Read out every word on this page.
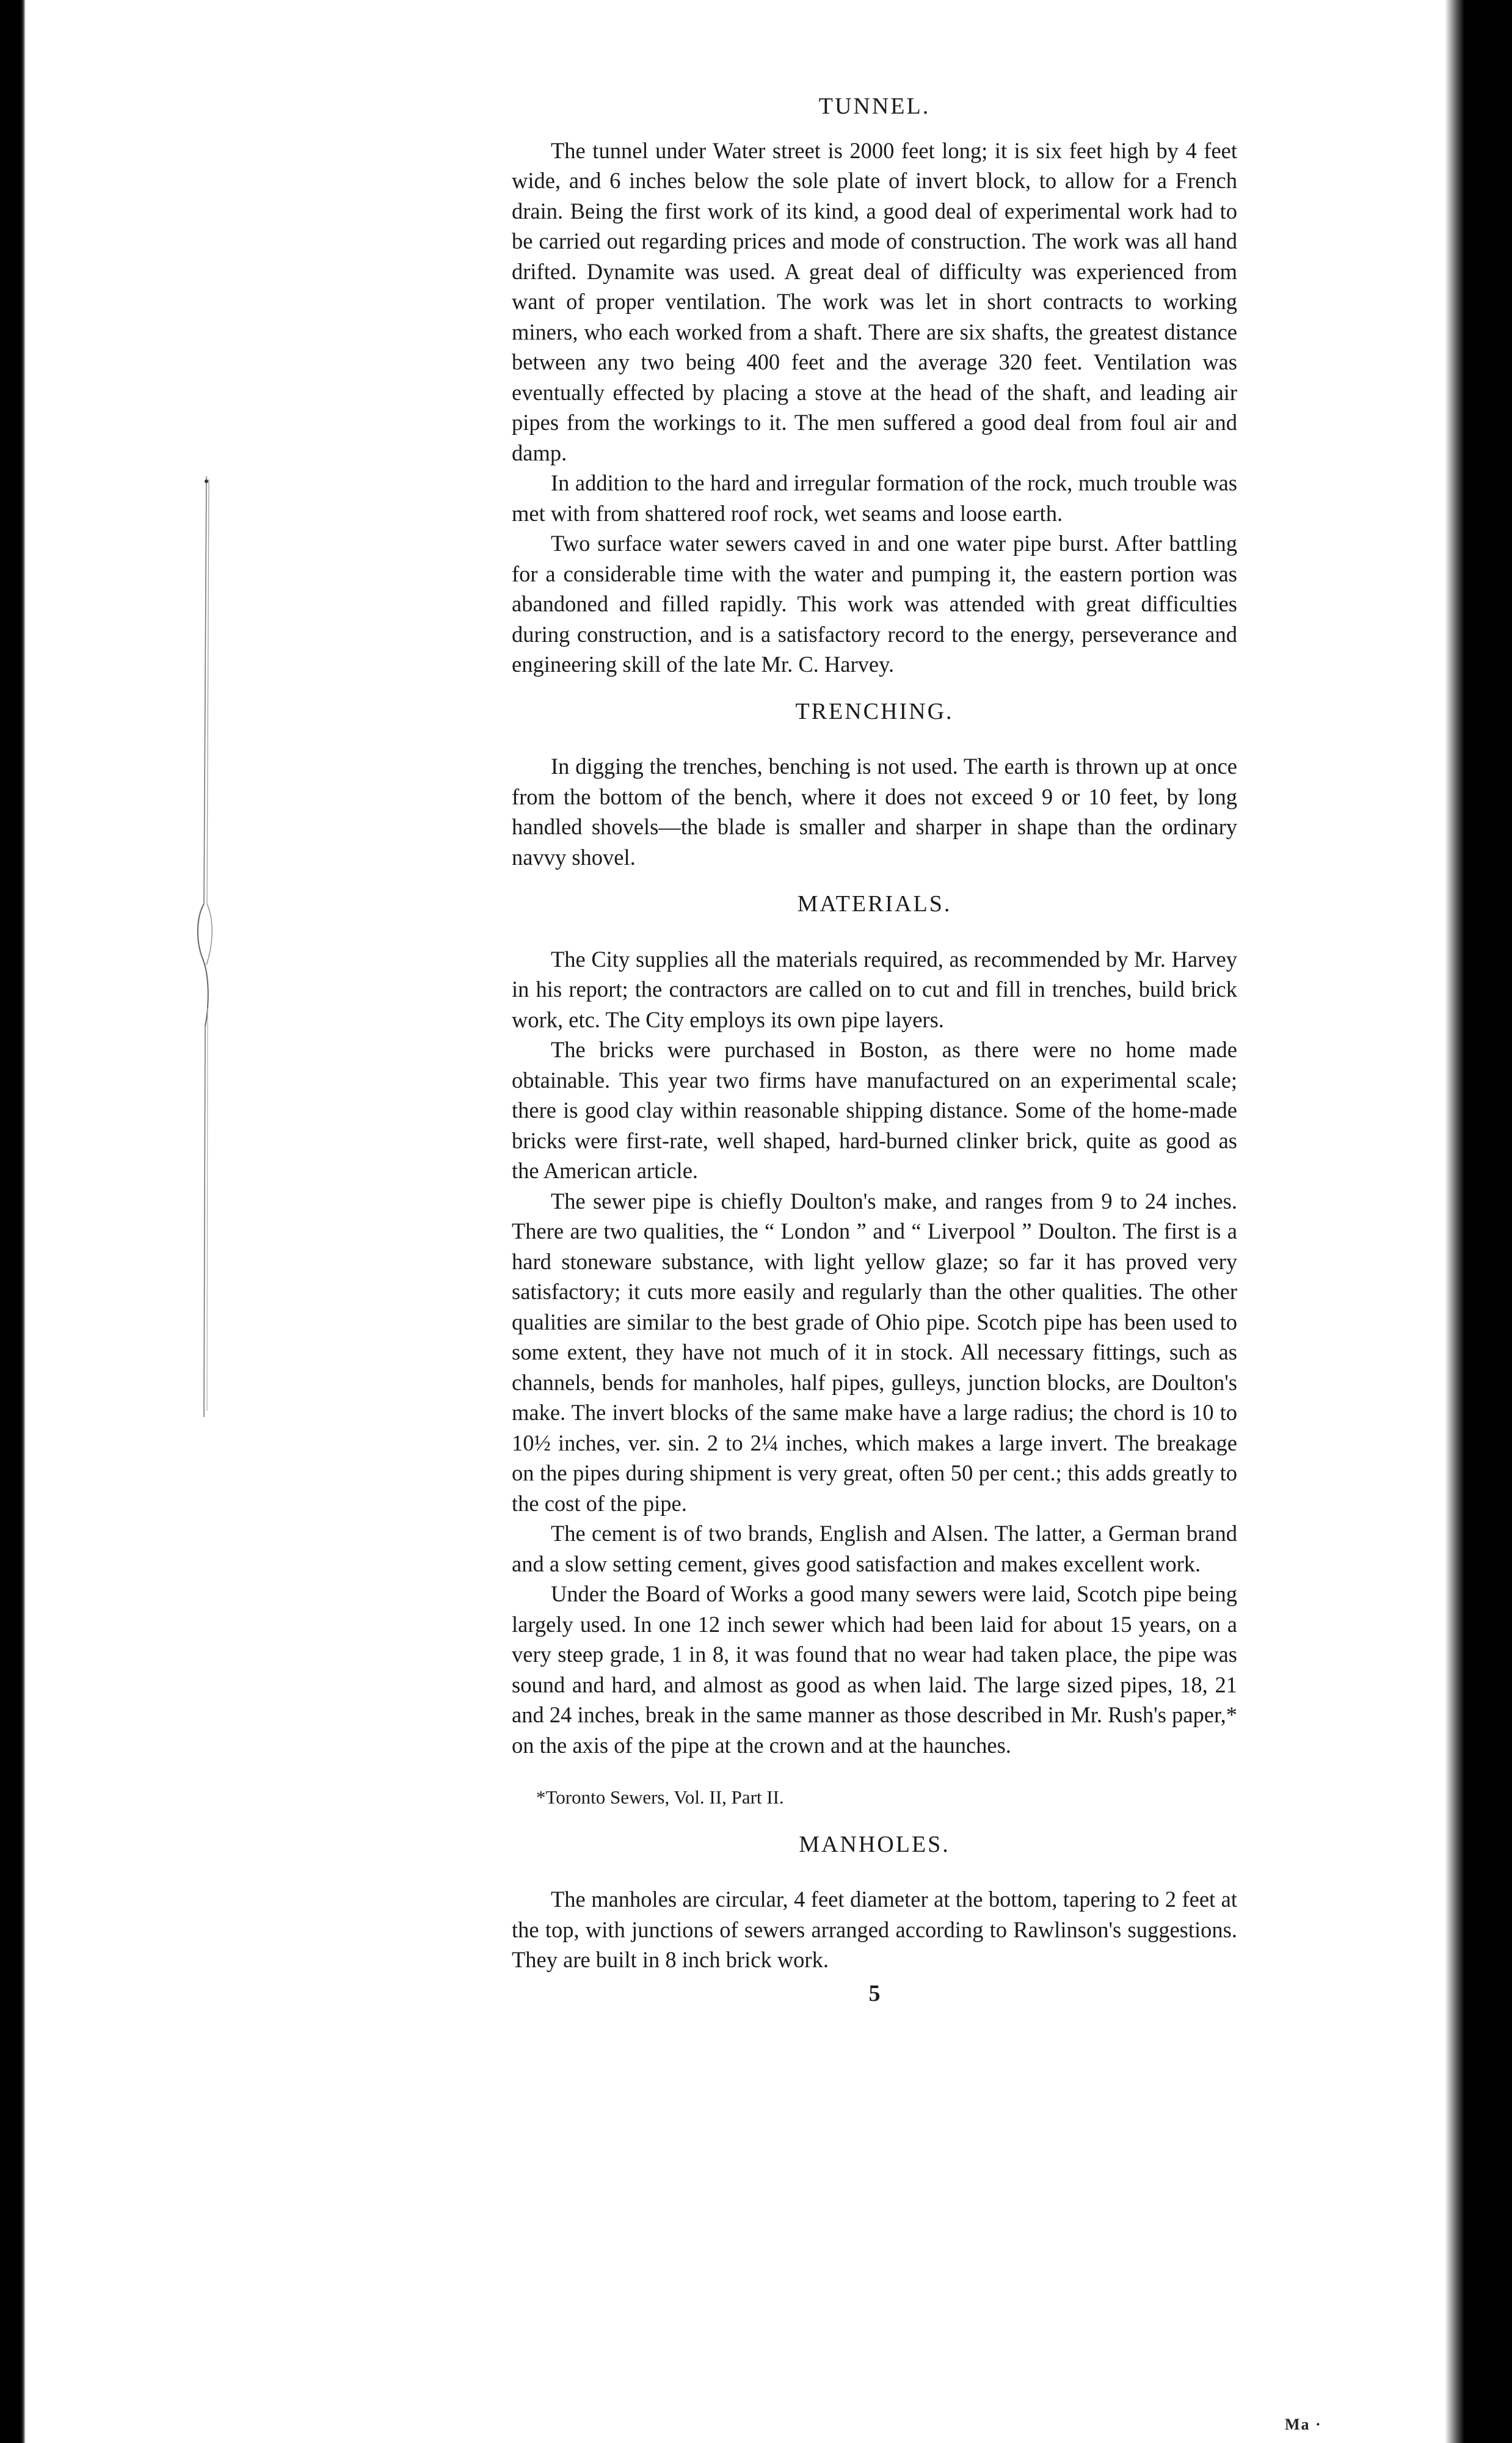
TUNNEL.

The tunnel under Water street is 2000 feet long; it is six feet high by 4 feet wide, and 6 inches below the sole plate of invert block, to allow for a French drain. Being the first work of its kind, a good deal of experimental work had to be carried out regarding prices and mode of construction. The work was all hand drifted. Dynamite was used. A great deal of difficulty was experienced from want of proper ventilation. The work was let in short contracts to working miners, who each worked from a shaft. There are six shafts, the greatest distance between any two being 400 feet and the average 320 feet. Ventilation was eventually effected by placing a stove at the head of the shaft, and leading air pipes from the workings to it. The men suffered a good deal from foul air and damp.

In addition to the hard and irregular formation of the rock, much trouble was met with from shattered roof rock, wet seams and loose earth.

Two surface water sewers caved in and one water pipe burst. After battling for a considerable time with the water and pumping it, the eastern portion was abandoned and filled rapidly. This work was attended with great difficulties during construction, and is a satisfactory record to the energy, perseverance and engineering skill of the late Mr. C. Harvey.

TRENCHING.

In digging the trenches, benching is not used. The earth is thrown up at once from the bottom of the bench, where it does not exceed 9 or 10 feet, by long handled shovels—the blade is smaller and sharper in shape than the ordinary navvy shovel.

MATERIALS.

The City supplies all the materials required, as recommended by Mr. Harvey in his report; the contractors are called on to cut and fill in trenches, build brick work, etc. The City employs its own pipe layers.

The bricks were purchased in Boston, as there were no home made obtainable. This year two firms have manufactured on an experimental scale; there is good clay within reasonable shipping distance. Some of the home-made bricks were first-rate, well shaped, hard-burned clinker brick, quite as good as the American article.

The sewer pipe is chiefly Doulton's make, and ranges from 9 to 24 inches. There are two qualities, the “ London ” and “ Liverpool ” Doulton. The first is a hard stoneware substance, with light yellow glaze; so far it has proved very satisfactory; it cuts more easily and regularly than the other qualities. The other qualities are similar to the best grade of Ohio pipe. Scotch pipe has been used to some extent, they have not much of it in stock. All necessary fittings, such as channels, bends for manholes, half pipes, gulleys, junction blocks, are Doulton's make. The invert blocks of the same make have a large radius; the chord is 10 to 10½ inches, ver. sin. 2 to 2¼ inches, which makes a large invert. The breakage on the pipes during shipment is very great, often 50 per cent.; this adds greatly to the cost of the pipe.

The cement is of two brands, English and Alsen. The latter, a German brand and a slow setting cement, gives good satisfaction and makes excellent work.

Under the Board of Works a good many sewers were laid, Scotch pipe being largely used. In one 12 inch sewer which had been laid for about 15 years, on a very steep grade, 1 in 8, it was found that no wear had taken place, the pipe was sound and hard, and almost as good as when laid. The large sized pipes, 18, 21 and 24 inches, break in the same manner as those described in Mr. Rush's paper,* on the axis of the pipe at the crown and at the haunches.

*Toronto Sewers, Vol. II, Part II.

MANHOLES.

The manholes are circular, 4 feet diameter at the bottom, tapering to 2 feet at the top, with junctions of sewers arranged according to Rawlinson's suggestions. They are built in 8 inch brick work.

5
Ma ·
